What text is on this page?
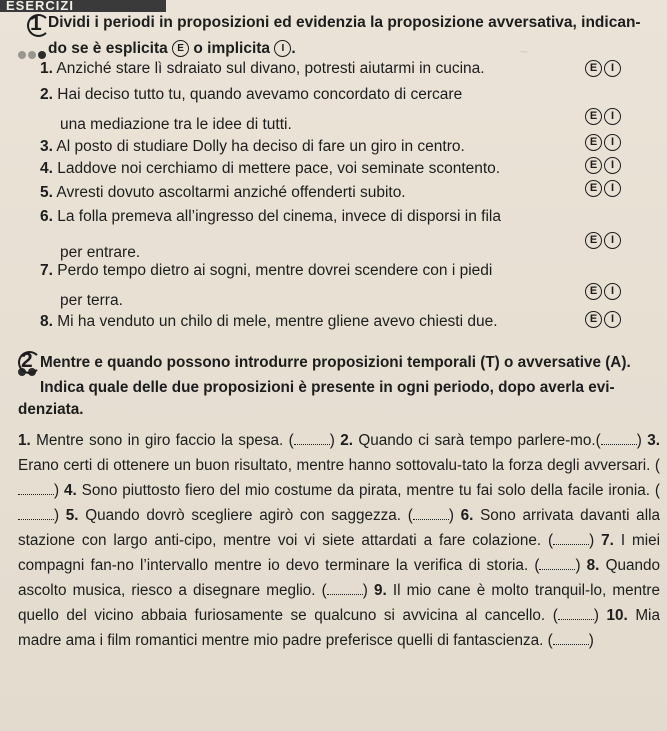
ESERCIZI
~
1 Dividi i periodi in proposizioni ed evidenzia la proposizione avversativa, indican-
do se è esplicita E o implicita I .
1. Anziché stare lì sdraiato sul divano, potresti aiutarmi in cucina.	E	I
2. Hai deciso tutto tu, quando avevamo concordato di cercare
una mediazione tra le idee di tutti.	E	I
3. Al posto di studiare Dolly ha deciso di fare un giro in centro.	E	I
4. Laddove noi cerchiamo di mettere pace, voi seminate scontento.	E	I
5. Avresti dovuto ascoltarmi anziché offenderti subito.	E	I
6. La folla premeva all’ingresso del cinema, invece di disporsi in fila
per entrare.
E	I
7. Perdo tempo dietro ai sogni, mentre dovrei scendere con i piedi
per terra.
E	I
8. Mi ha venduto un chilo di mele, mentre gliene avevo chiesti due.	E	I
2 Mentre e quando possono introdurre proposizioni temporali (T) o avversative (A).
Indica quale delle due proposizioni è presente in ogni periodo, dopo averla evi-
denziata.
1. Mentre sono in giro faccio la spesa. ( ) 2. Quando ci sarà tempo parlere-mo.( ) 3. Erano certi di ottenere un buon risultato, mentre hanno sottovalu-tato la forza degli avversari. () 4. Sono piuttosto fiero del mio costume da pirata, mentre tu fai solo della facile ironia. () 5. Quando dovrò scegliere agirò con saggezza. ( ) 6. Sono arrivata davanti alla stazione con largo anti-cipo, mentre voi vi siete attardati a fare colazione. ( ) 7. I miei compagni fan-no l’intervallo mentre io devo terminare la verifica di storia. ( ) 8. Quando ascolto musica, riesco a disegnare meglio. ( ) 9. Il mio cane è molto tranquil-lo, mentre quello del vicino abbaia furiosamente se qualcuno si avvicina al cancello. ( ) 10. Mia madre ama i film romantici mentre mio padre preferisce quelli di fantascienza. ( )
